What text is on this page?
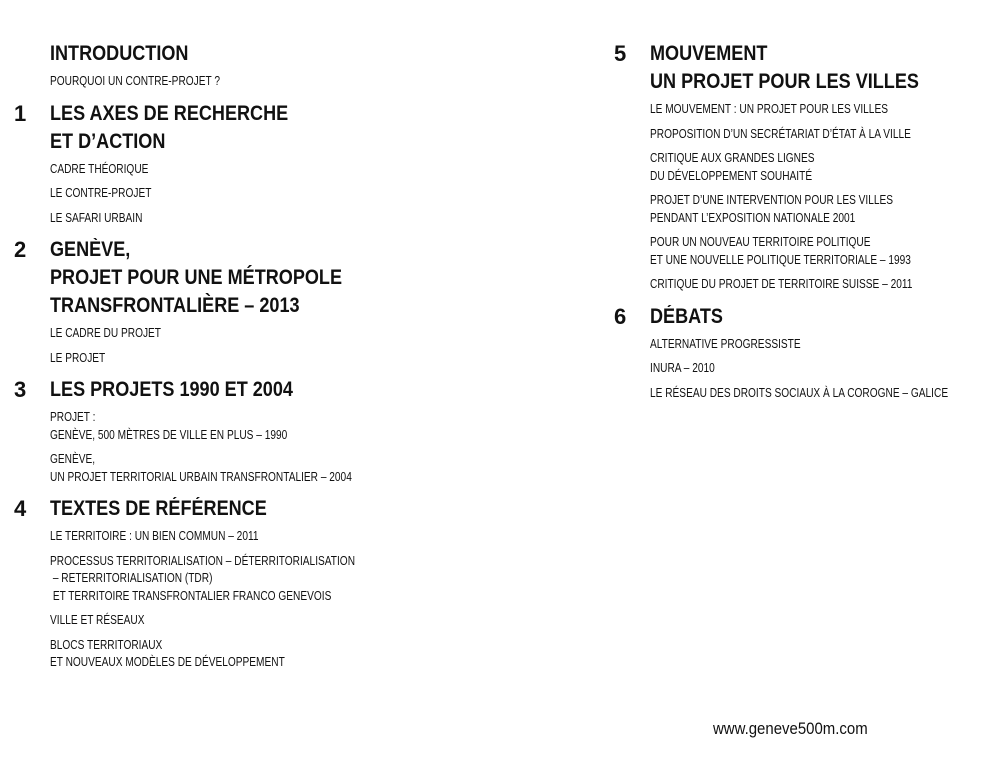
INTRODUCTION
POURQUOI UN CONTRE-PROJET ?
1 LES AXES DE RECHERCHE
ET D’ACTION
CADRE THÉORIQUE
LE CONTRE-PROJET
LE SAFARI URBAIN
2 GENÈVE,
PROJET POUR UNE MÉTROPOLE
TRANSFRONTALIÈRE – 2013
LE CADRE DU PROJET
LE PROJET
3 LES PROJETS 1990 ET 2004
PROJET :
GENÈVE, 500 MÈTRES DE VILLE EN PLUS – 1990
GENÈVE,
UN PROJET TERRITORIAL URBAIN TRANSFRONTALIER – 2004
4 TEXTES DE RÉFÉRENCE
LE TERRITOIRE : UN BIEN COMMUN – 2011
PROCESSUS TERRITORIALISATION – DÉTERRITORIALISATION
– RETERRITORIALISATION (TDR)
ET TERRITOIRE TRANSFRONTALIER FRANCO GENEVOIS
VILLE ET RÉSEAUX
BLOCS TERRITORIAUX
ET NOUVEAUX MODÈLES DE DÉVELOPPEMENT
5 MOUVEMENT
UN PROJET POUR LES VILLES
LE MOUVEMENT : UN PROJET POUR LES VILLES
PROPOSITION D’UN SECRÉTARIAT D’ÉTAT À LA VILLE
CRITIQUE AUX GRANDES LIGNES
DU DÉVELOPPEMENT SOUHAITÉ
PROJET D’UNE INTERVENTION POUR LES VILLES
PENDANT L’EXPOSITION NATIONALE 2001
POUR UN NOUVEAU TERRITOIRE POLITIQUE
ET UNE NOUVELLE POLITIQUE TERRITORIALE – 1993
CRITIQUE DU PROJET DE TERRITOIRE SUISSE – 2011
6 DÉBATS
ALTERNATIVE PROGRESSISTE
INURA – 2010
LE RÉSEAU DES DROITS SOCIAUX À LA COROGNE – GALICE
www.geneve500m.com
